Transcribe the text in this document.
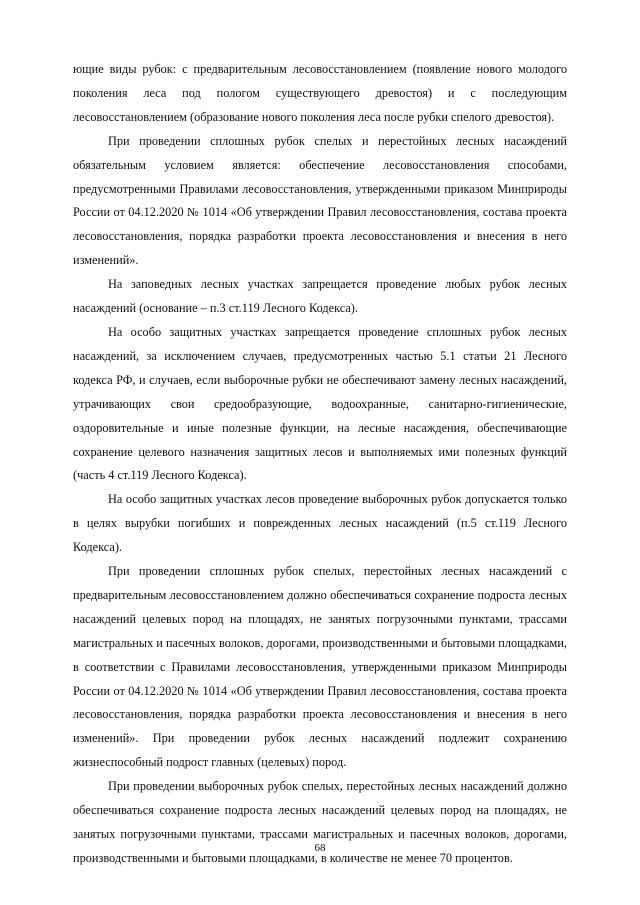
ющие виды рубок: с предварительным лесовосстановлением (появление нового молодого поколения леса под пологом существующего древостоя) и с последующим лесовосстановлением (образование нового поколения леса после рубки спелого древостоя).

При проведении сплошных рубок спелых и перестойных лесных насаждений обязательным условием является: обеспечение лесовосстановления способами, предусмотренными Правилами лесовосстановления, утвержденными приказом Минприроды России от 04.12.2020 № 1014 «Об утверждении Правил лесовосстановления, состава проекта лесовосстановления, порядка разработки проекта лесовосстановления и внесения в него изменений».

На заповедных лесных участках запрещается проведение любых рубок лесных насаждений (основание – п.3 ст.119 Лесного Кодекса).

На особо защитных участках запрещается проведение сплошных рубок лесных насаждений, за исключением случаев, предусмотренных частью 5.1 статьи 21 Лесного кодекса РФ, и случаев, если выборочные рубки не обеспечивают замену лесных насаждений, утрачивающих свои средообразующие, водоохранные, санитарно-гигиенические, оздоровительные и иные полезные функции, на лесные насаждения, обеспечивающие сохранение целевого назначения защитных лесов и выполняемых ими полезных функций (часть 4 ст.119 Лесного Кодекса).

На особо защитных участках лесов проведение выборочных рубок допускается только в целях вырубки погибших и поврежденных лесных насаждений (п.5 ст.119 Лесного Кодекса).

При проведении сплошных рубок спелых, перестойных лесных насаждений с предварительным лесовосстановлением должно обеспечиваться сохранение подроста лесных насаждений целевых пород на площадях, не занятых погрузочными пунктами, трассами магистральных и пасечных волоков, дорогами, производственными и бытовыми площадками, в соответствии с Правилами лесовосстановления, утвержденными приказом Минприроды России от 04.12.2020 № 1014 «Об утверждении Правил лесовосстановления, состава проекта лесовосстановления, порядка разработки проекта лесовосстановления и внесения в него изменений». При проведении рубок лесных насаждений подлежит сохранению жизнеспособный подрост главных (целевых) пород.

При проведении выборочных рубок спелых, перестойных лесных насаждений должно обеспечиваться сохранение подроста лесных насаждений целевых пород на площадях, не занятых погрузочными пунктами, трассами магистральных и пасечных волоков, дорогами, производственными и бытовыми площадками, в количестве не менее 70 процентов.

68
